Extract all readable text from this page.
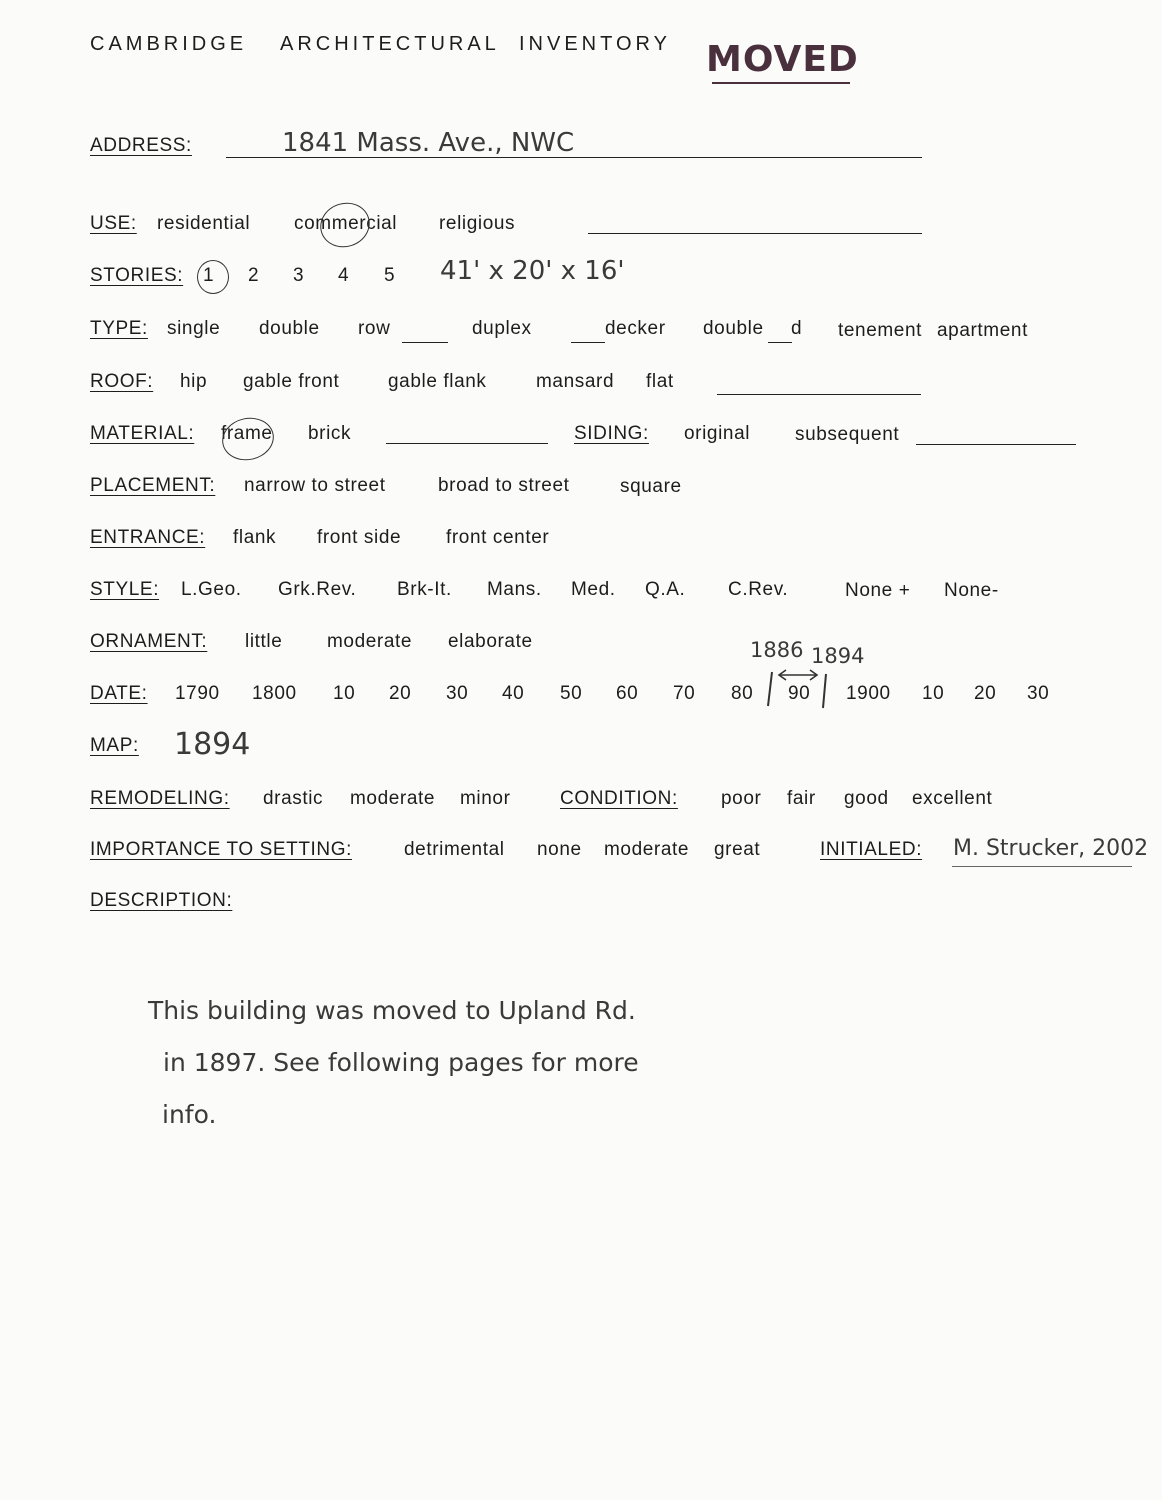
CAMBRIDGE ARCHITECTURAL INVENTORY MOVED
ADDRESS:	1841 Mass. Ave., NWC
USE: residential commercial religious
STORIES: 1 2 3 4 5 41' x 20' x 16'
TYPE: single double row	duplex	decker double d tenement apartment
ROOF: hip gable front	gable flank	mansard flat
MATERIAL: frame brick	SIDING: original subsequent
PLACEMENT: narrow to street	broad to street	square
ENTRANCE: flank front side front center
STYLE: L.Geo. Grk.Rev. Brk-It. Mans. Med. Q.A. C.Rev.	None + None-
ORNAMENT: little moderate elaborate	1886 1894
DATE: 1790 1800 10 20 30 40 50 60 70 80 90 1900 10 20 30
MAP: 1894
REMODELING: drastic moderate minor	CONDITION: poor fair good excellent
IMPORTANCE TO SETTING:	detrimental none moderate great	INITIALED: M. Strucker, 2002
DESCRIPTION:
This building was moved to Upland Rd.
in 1897. See following pages for more
info.
